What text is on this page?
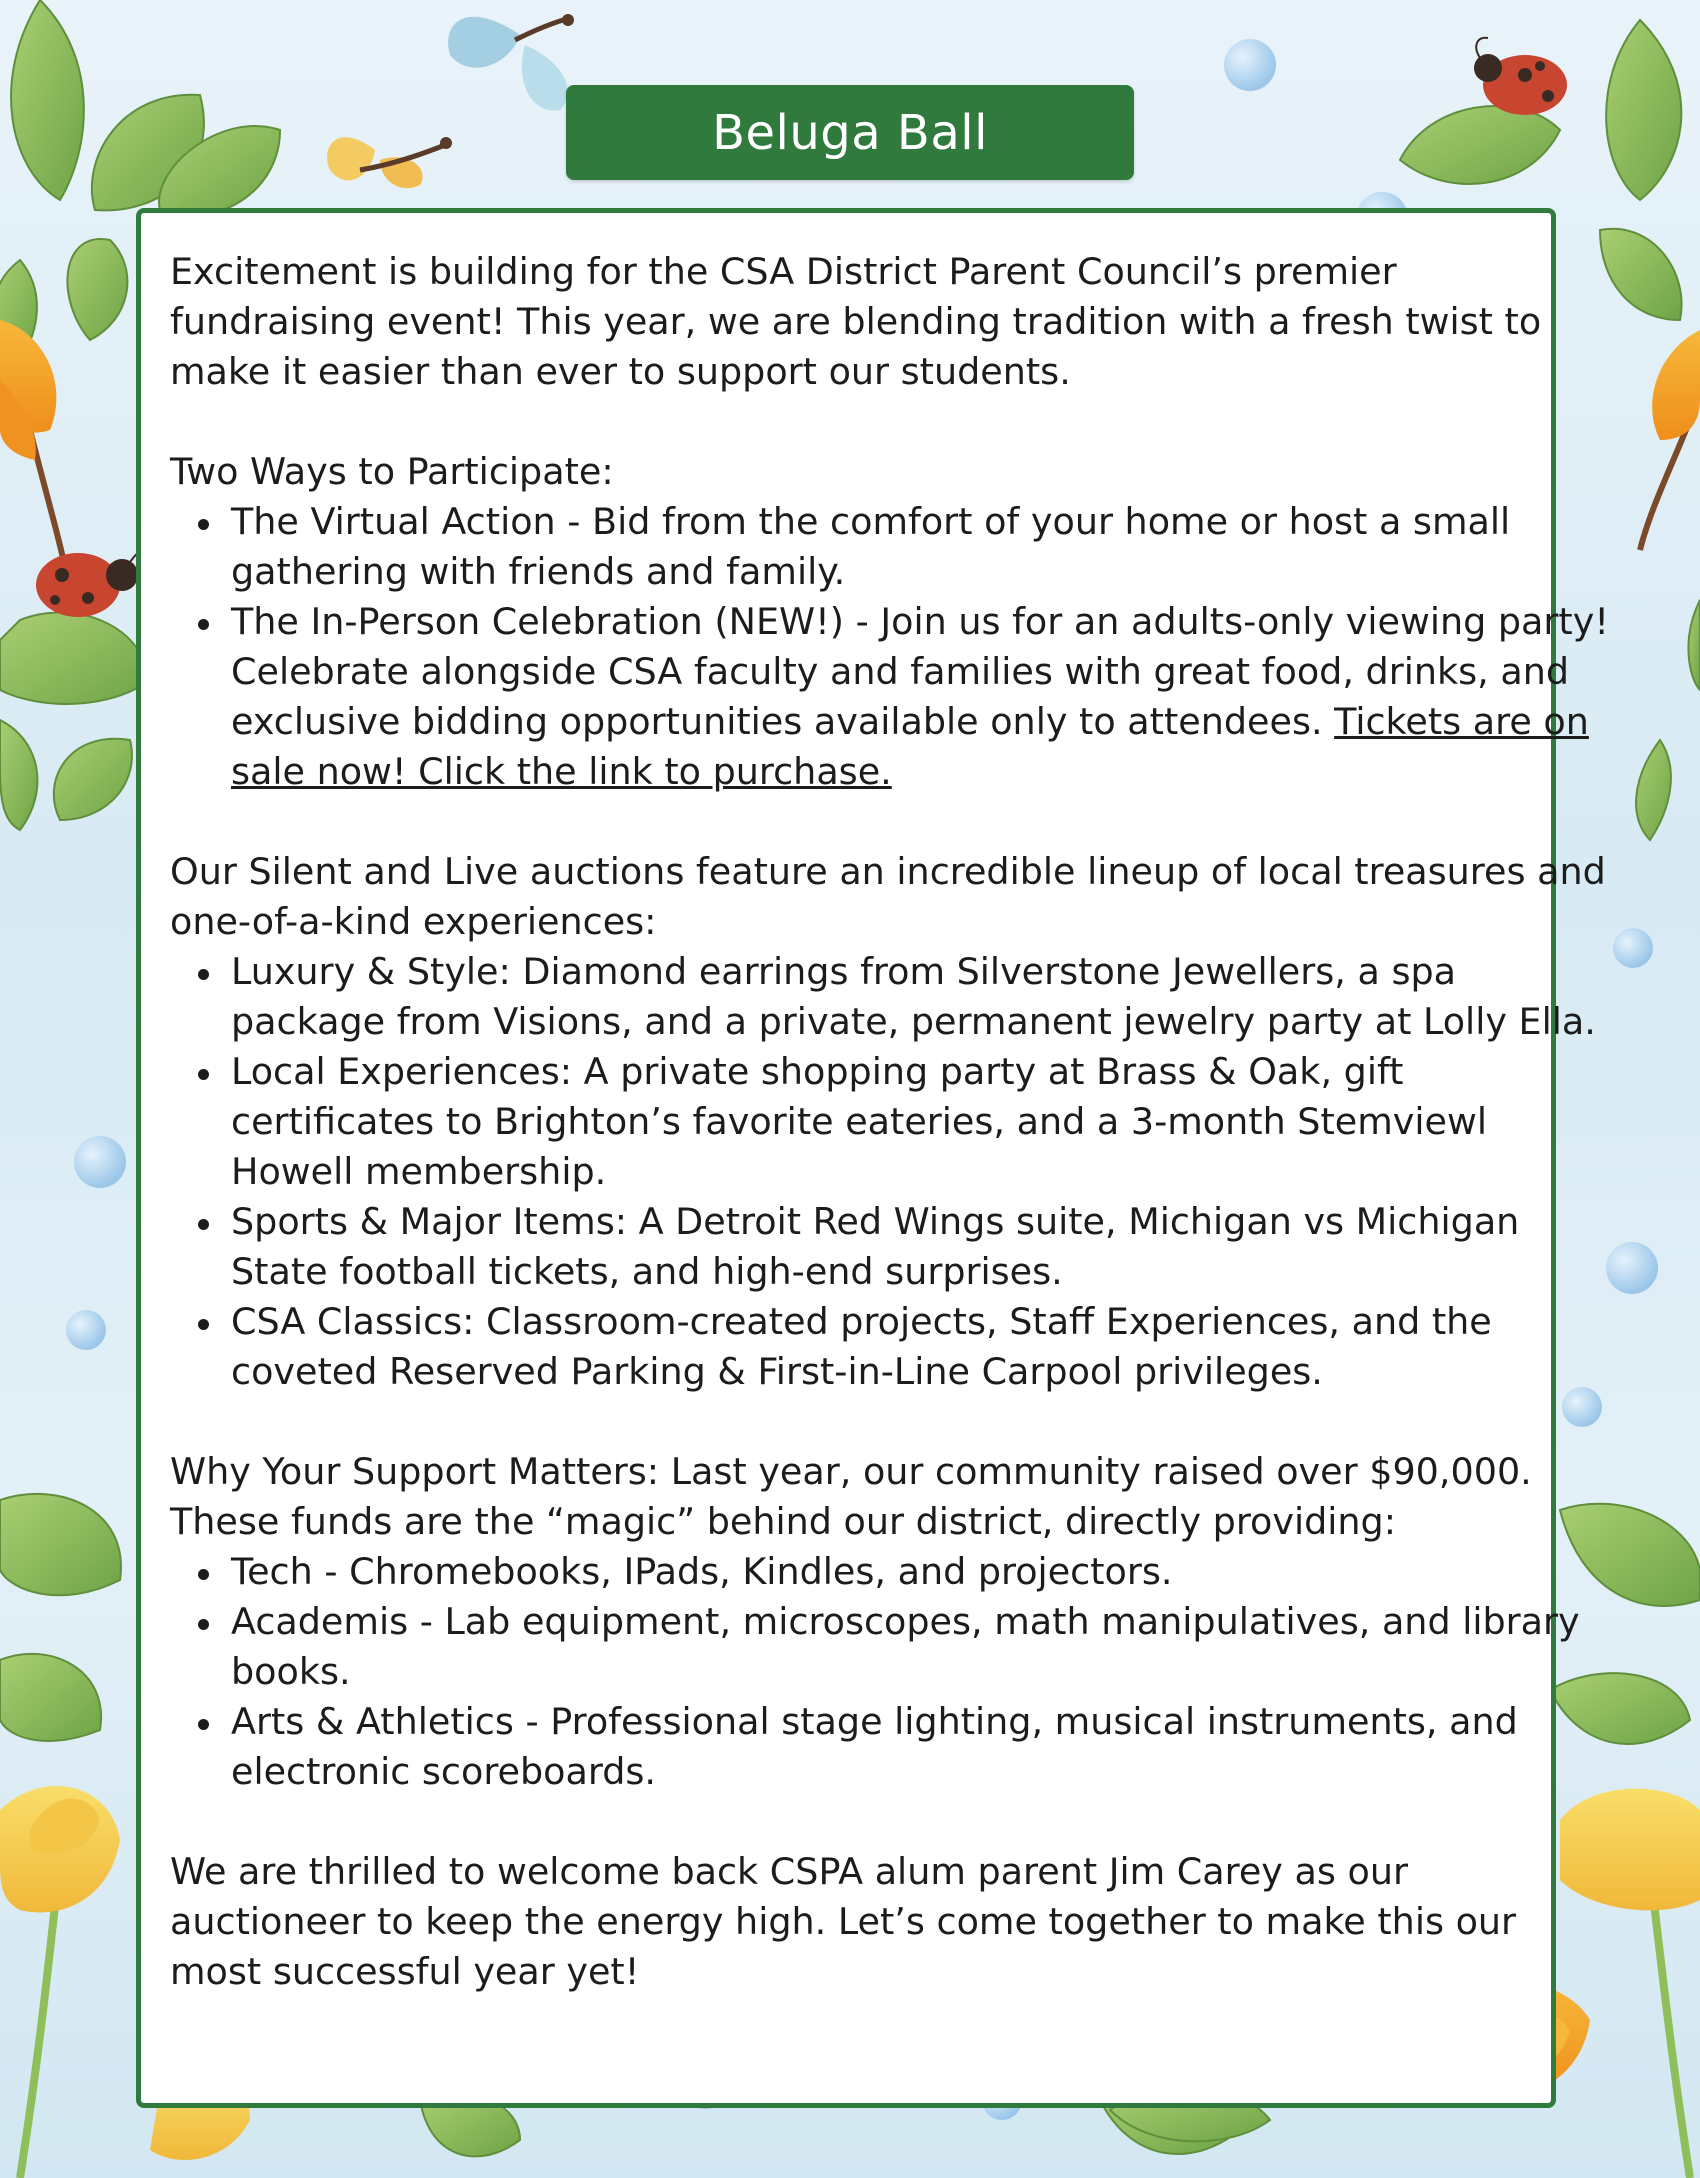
Beluga Ball

Excitement is building for the CSA District Parent Council’s premier fundraising event! This year, we are blending tradition with a fresh twist to make it easier than ever to support our students.

Two Ways to Participate:

The Virtual Action - Bid from the comfort of your home or host a small gathering with friends and family.
The In-Person Celebration (NEW!) - Join us for an adults-only viewing party! Celebrate alongside CSA faculty and families with great food, drinks, and exclusive bidding opportunities available only to attendees. Tickets are on sale now! Click the link to purchase.

Our Silent and Live auctions feature an incredible lineup of local treasures and one-of-a-kind experiences:

Luxury & Style: Diamond earrings from Silverstone Jewellers, a spa package from Visions, and a private, permanent jewelry party at Lolly Ella.
Local Experiences: A private shopping party at Brass & Oak, gift certificates to Brighton’s favorite eateries, and a 3-month Stemviewl Howell membership.
Sports & Major Items: A Detroit Red Wings suite, Michigan vs Michigan State football tickets, and high-end surprises.
CSA Classics: Classroom-created projects, Staff Experiences, and the coveted Reserved Parking & First-in-Line Carpool privileges.

Why Your Support Matters: Last year, our community raised over $90,000. These funds are the “magic” behind our district, directly providing:

Tech - Chromebooks, IPads, Kindles, and projectors.
Academis - Lab equipment, microscopes, math manipulatives, and library books.
Arts & Athletics - Professional stage lighting, musical instruments, and electronic scoreboards.

We are thrilled to welcome back CSPA alum parent Jim Carey as our auctioneer to keep the energy high. Let’s come together to make this our most successful year yet!
